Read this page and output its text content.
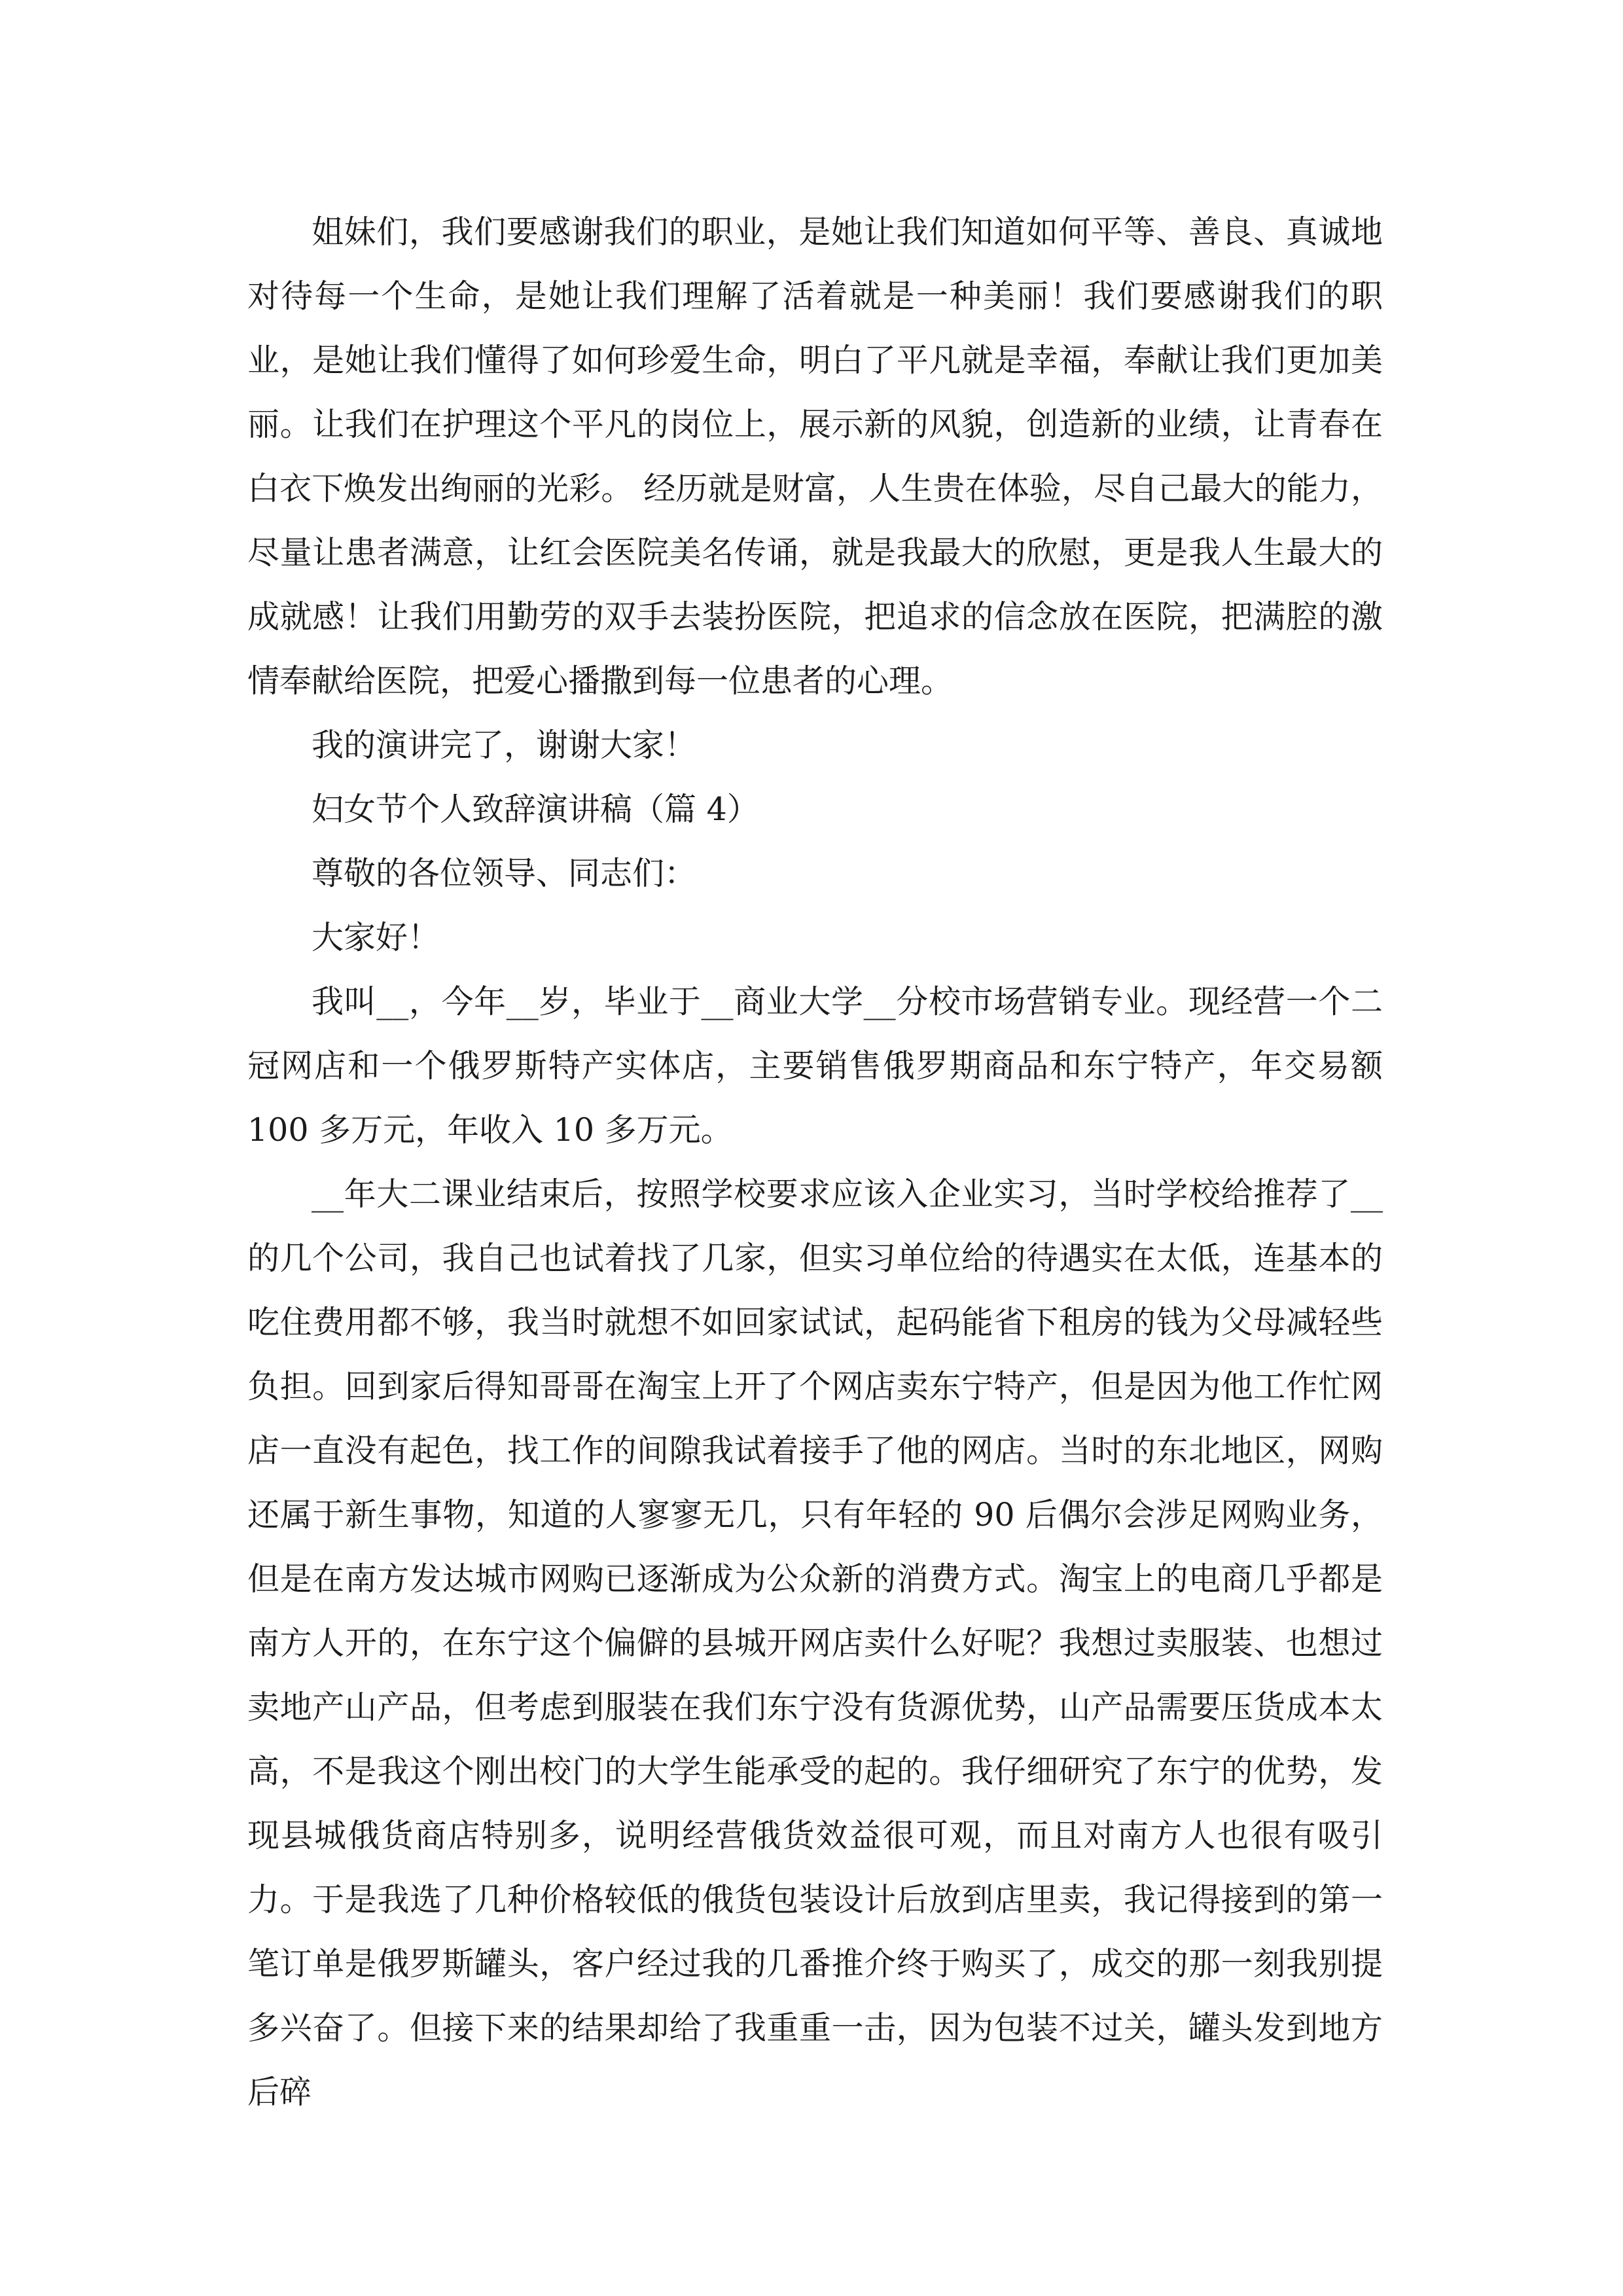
姐妹们，我们要感谢我们的职业，是她让我们知道如何平等、善良、真诚地对待每一个生命，是她让我们理解了活着就是一种美丽！我们要感谢我们的职业，是她让我们懂得了如何珍爱生命，明白了平凡就是幸福，奉献让我们更加美丽。让我们在护理这个平凡的岗位上，展示新的风貌，创造新的业绩，让青春在白衣下焕发出绚丽的光彩。 经历就是财富，人生贵在体验，尽自己最大的能力，尽量让患者满意，让红会医院美名传诵，就是我最大的欣慰，更是我人生最大的成就感！让我们用勤劳的双手去装扮医院，把追求的信念放在医院，把满腔的激情奉献给医院，把爱心播撒到每一位患者的心理。

我的演讲完了，谢谢大家！

妇女节个人致辞演讲稿（篇 4）

尊敬的各位领导、同志们：

大家好！

我叫__，今年__岁，毕业于__商业大学__分校市场营销专业。现经营一个二冠网店和一个俄罗斯特产实体店，主要销售俄罗期商品和东宁特产，年交易额 100 多万元，年收入 10 多万元。

__年大二课业结束后，按照学校要求应该入企业实习，当时学校给推荐了__的几个公司，我自己也试着找了几家，但实习单位给的待遇实在太低，连基本的吃住费用都不够，我当时就想不如回家试试，起码能省下租房的钱为父母减轻些负担。回到家后得知哥哥在淘宝上开了个网店卖东宁特产，但是因为他工作忙网店一直没有起色，找工作的间隙我试着接手了他的网店。当时的东北地区，网购还属于新生事物，知道的人寥寥无几，只有年轻的 90 后偶尔会涉足网购业务，但是在南方发达城市网购已逐渐成为公众新的消费方式。淘宝上的电商几乎都是南方人开的，在东宁这个偏僻的县城开网店卖什么好呢？我想过卖服装、也想过卖地产山产品，但考虑到服装在我们东宁没有货源优势，山产品需要压货成本太高，不是我这个刚出校门的大学生能承受的起的。我仔细研究了东宁的优势，发现县城俄货商店特别多，说明经营俄货效益很可观，而且对南方人也很有吸引力。于是我选了几种价格较低的俄货包装设计后放到店里卖，我记得接到的第一笔订单是俄罗斯罐头，客户经过我的几番推介终于购买了，成交的那一刻我别提多兴奋了。但接下来的结果却给了我重重一击，因为包装不过关，罐头发到地方后碎
